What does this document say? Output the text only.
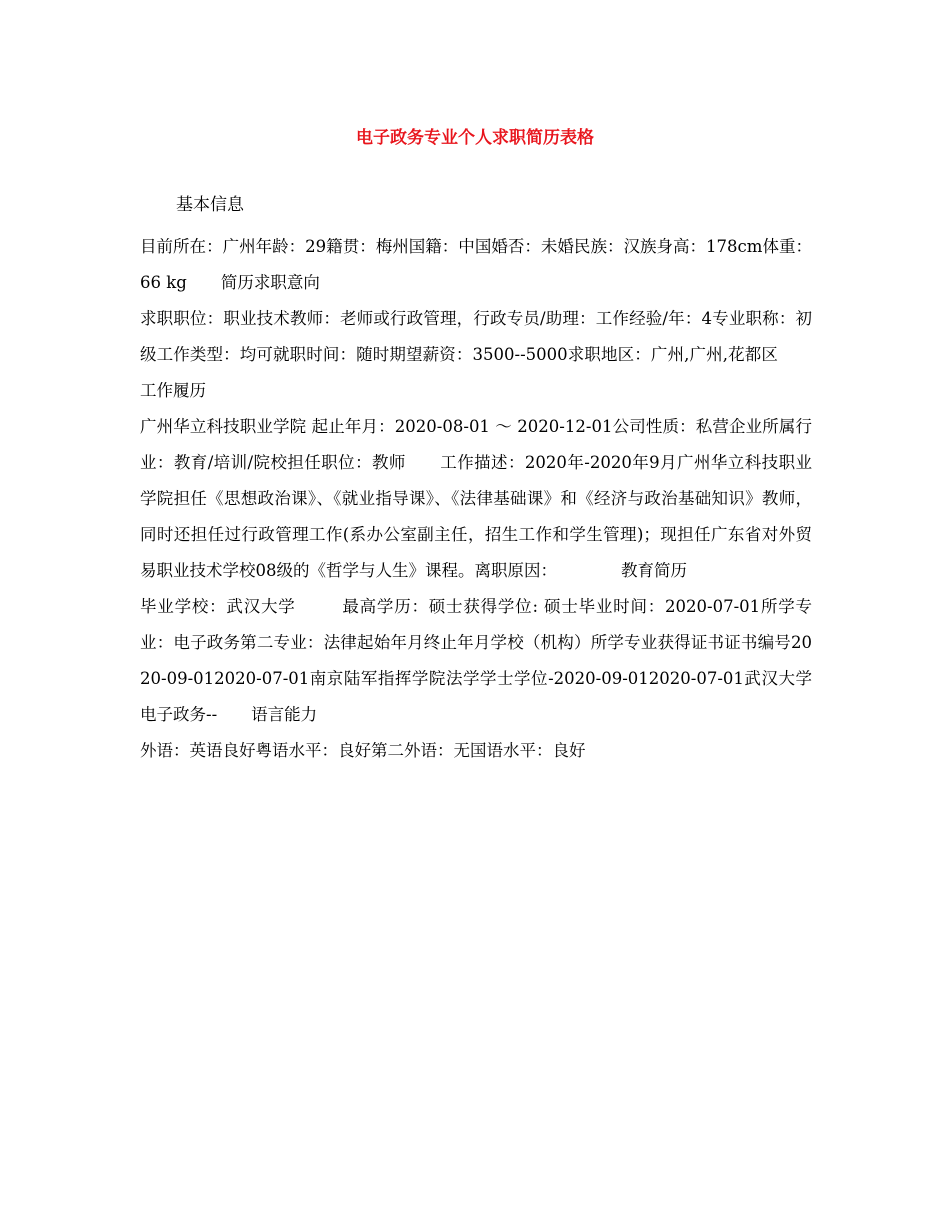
电子政务专业个人求职简历表格
基本信息

目前所在：广州年龄：29籍贯：梅州国籍：中国婚否：未婚民族：汉族身高：178cm体重：66 kg 简历求职意向

求职职位：职业技术教师：老师或行政管理，行政专员/助理：工作经验/年：4专业职称：初级工作类型：均可就职时间：随时期望薪资：3500--5000求职地区：广州,广州,花都区工作履历

广州华立科技职业学院 起止年月：2020-08-01 ～ 2020-12-01公司性质：私营企业所属行业：教育/培训/院校担任职位：教师 工作描述：2020年-2020年9月广州华立科技职业学院担任《思想政治课》、《就业指导课》、《法律基础课》和《经济与政治基础知识》教师，同时还担任过行政管理工作(系办公室副主任，招生工作和学生管理)；现担任广东省对外贸易职业技术学校08级的《哲学与人生》课程。离职原因：	教育简历

毕业学校：武汉大学	最高学历：硕士获得学位: 硕士毕业时间：2020-07-01所学专业：电子政务第二专业：法律起始年月终止年月学校（机构）所学专业获得证书证书编号2020-09-012020-07-01南京陆军指挥学院法学学士学位-2020-09-012020-07-01武汉大学电子政务-- 语言能力

外语：英语良好粤语水平：良好第二外语：无国语水平：良好
